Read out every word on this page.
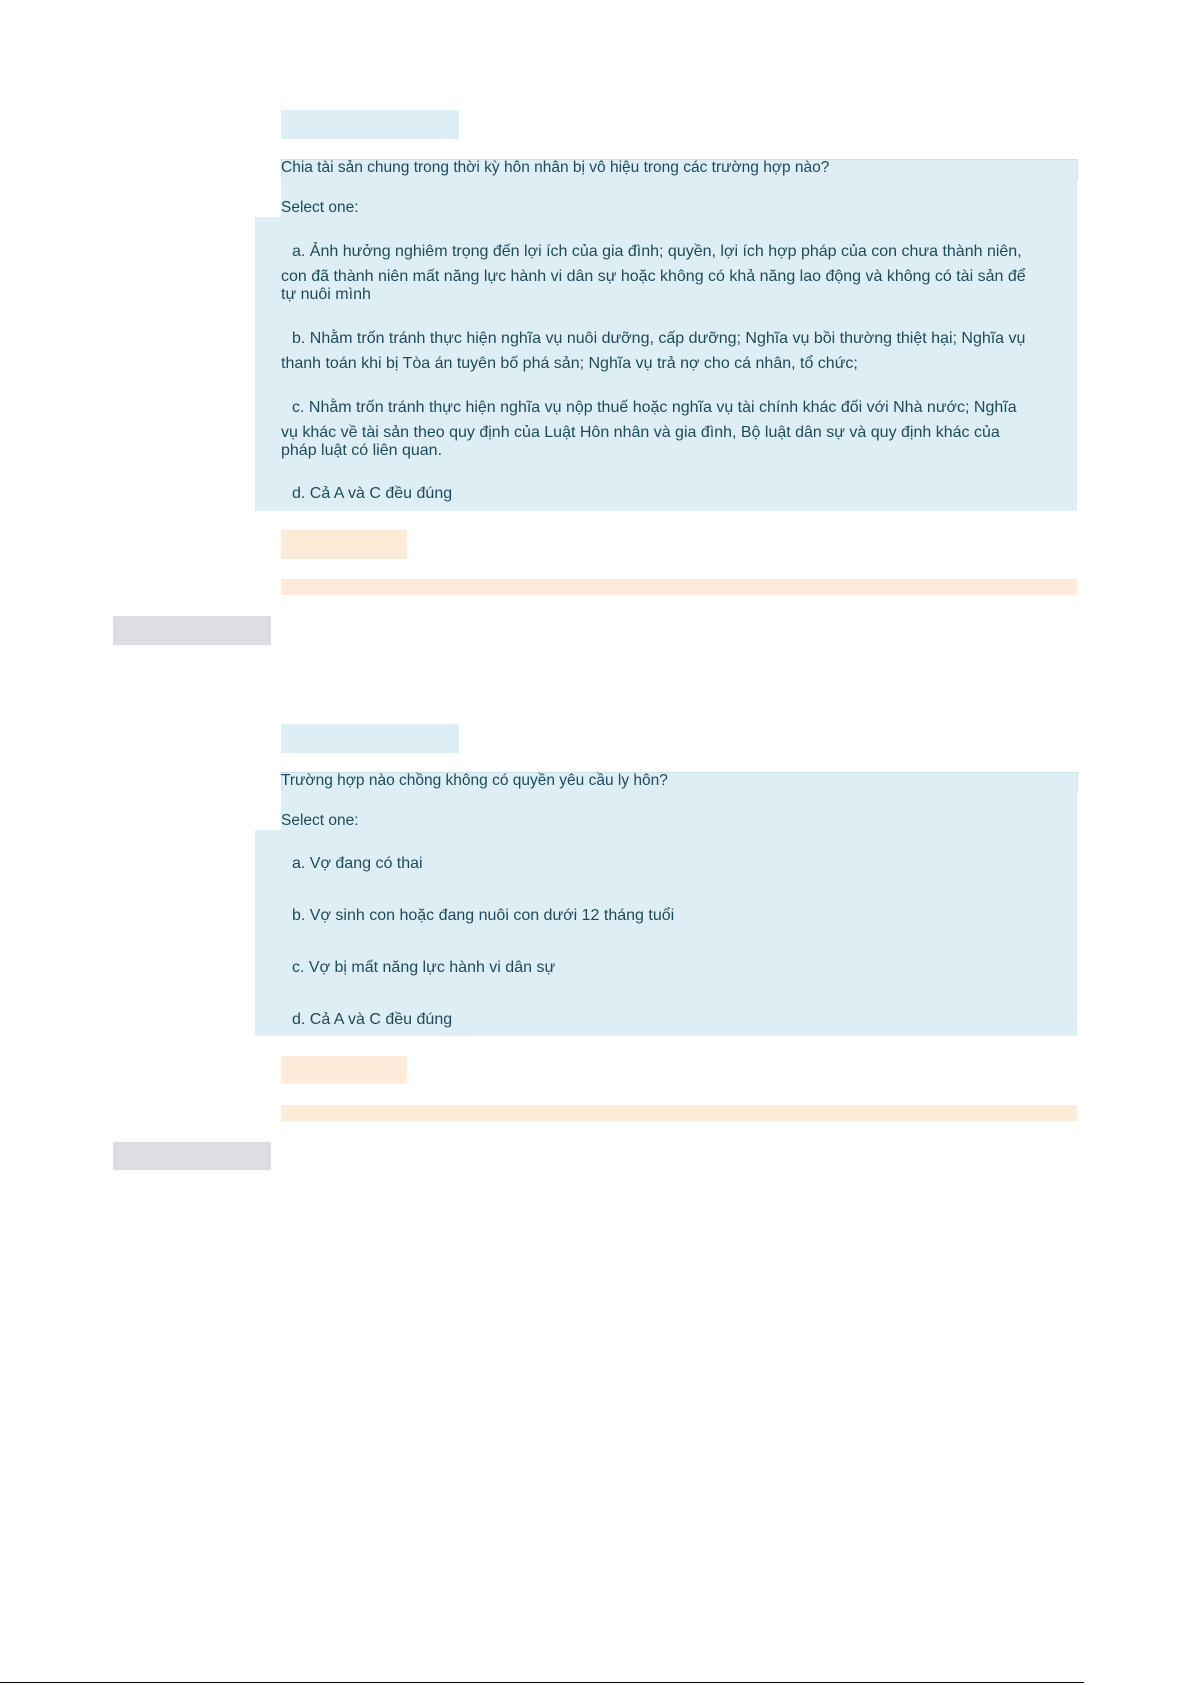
Chia tài sản chung trong thời kỳ hôn nhân bị vô hiệu trong các trường hợp nào?
Select one:
a. Ảnh hưởng nghiêm trọng đến lợi ích của gia đình; quyền, lợi ích hợp pháp của con chưa thành niên,
con đã thành niên mất năng lực hành vi dân sự hoặc không có khả năng lao động và không có tài sản để
tự nuôi mình
b. Nhằm trốn tránh thực hiện nghĩa vụ nuôi dưỡng, cấp dưỡng; Nghĩa vụ bồi thường thiệt hại; Nghĩa vụ
thanh toán khi bị Tòa án tuyên bố phá sản; Nghĩa vụ trả nợ cho cá nhân, tổ chức;
c. Nhằm trốn tránh thực hiện nghĩa vụ nộp thuế hoặc nghĩa vụ tài chính khác đối với Nhà nước; Nghĩa
vụ khác về tài sản theo quy định của Luật Hôn nhân và gia đình, Bộ luật dân sự và quy định khác của
pháp luật có liên quan.
d. Cả A và C đều đúng
Trường hợp nào chồng không có quyền yêu cầu ly hôn?
Select one:
a. Vợ đang có thai
b. Vợ sinh con hoặc đang nuôi con dưới 12 tháng tuổi
c. Vợ bị mất năng lực hành vi dân sự
d. Cả A và C đều đúng
